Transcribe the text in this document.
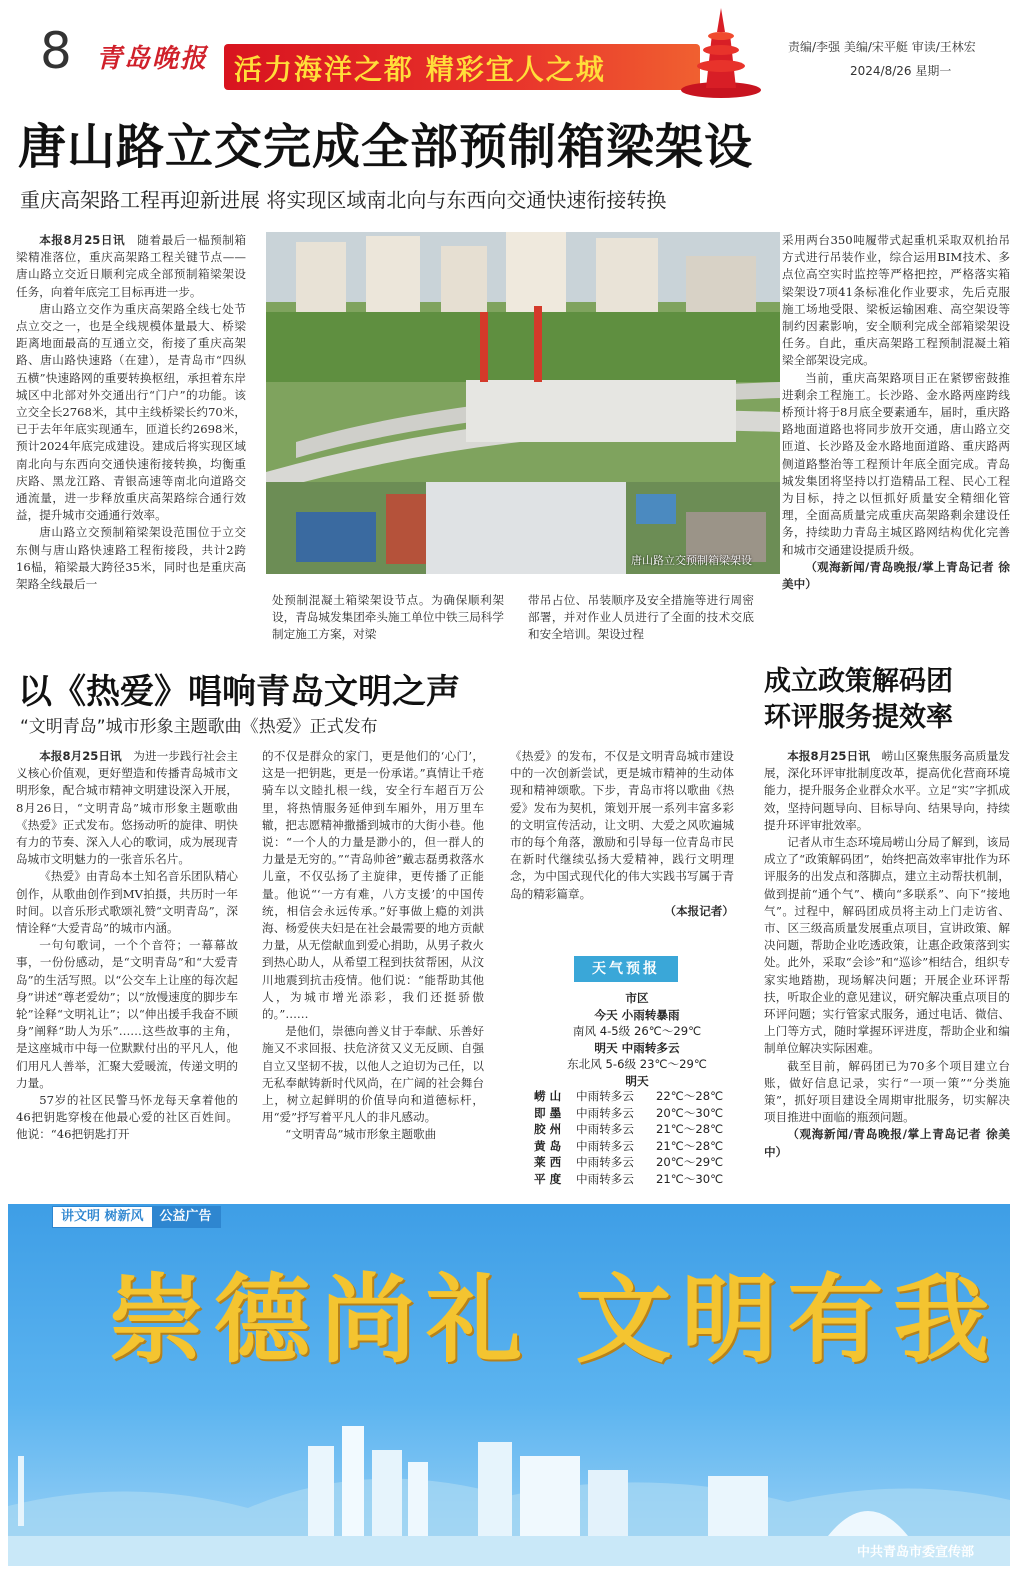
8 青岛晚报 活力海洋之都 精彩宜人之城
责编/李强 美编/宋平艇 审读/王林宏
2024/8/26 星期一
唐山路立交完成全部预制箱梁架设
重庆高架路工程再迎新进展 将实现区域南北向与东西向交通快速衔接转换

本报8月25日讯　 随着最后一榀预制箱梁精准落位，重庆高架路工程关键节点——唐山路立交近日顺利完成全部预制箱梁架设任务，向着年底完工目标再进一步。

唐山路立交作为重庆高架路全线七处节点立交之一，也是全线规模体量最大、桥梁距离地面最高的互通立交，衔接了重庆高架路、唐山路快速路（在建），是青岛市“四纵五横”快速路网的重要转换枢纽，承担着东岸城区中北部对外交通出行“门户”的功能。该立交全长2768米，其中主线桥梁长约70米，已于去年年底实现通车，匝道长约2698米，预计2024年底完成建设。建成后将实现区域南北向与东西向交通快速衔接转换，均衡重庆路、黑龙江路、青银高速等南北向道路交通流量，进一步释放重庆高架路综合通行效益，提升城市交通通行效率。

唐山路立交预制箱梁架设范围位于立交东侧与唐山路快速路工程衔接段，共计2跨16榀，箱梁最大跨径35米，同时也是重庆高架路全线最后一

唐山路立交预制箱梁架设

处预制混凝土箱梁架设节点。为确保顺利架设，青岛城发集团牵头施工单位中铁三局科学制定施工方案，对梁

带吊占位、吊装顺序及安全措施等进行周密部署，并对作业人员进行了全面的技术交底和安全培训。架设过程

采用两台350吨履带式起重机采取双机抬吊方式进行吊装作业，综合运用BIM技术、多点位高空实时监控等严格把控，严格落实箱梁架设7项41条标准化作业要求，先后克服施工场地受限、梁板运输困难、高空架设等制约因素影响，安全顺利完成全部箱梁架设任务。自此，重庆高架路工程预制混凝土箱梁全部架设完成。

当前，重庆高架路项目正在紧锣密鼓推进剩余工程施工。长沙路、金水路两座跨线桥预计将于8月底全要素通车，届时，重庆路路地面道路也将同步放开交通，唐山路立交匝道、长沙路及金水路地面道路、重庆路两侧道路整治等工程预计年底全面完成。青岛城发集团将坚持以打造精品工程、民心工程为目标，持之以恒抓好质量安全精细化管理，全面高质量完成重庆高架路剩余建设任务，持续助力青岛主城区路网结构优化完善和城市交通建设提质升级。

（观海新闻/青岛晚报/掌上青岛记者 徐美中）

以《热爱》唱响青岛文明之声
“文明青岛”城市形象主题歌曲《热爱》正式发布

本报8月25日讯　 为进一步践行社会主义核心价值观，更好塑造和传播青岛城市文明形象，配合城市精神文明建设深入开展，8月26日，“文明青岛”城市形象主题歌曲《热爱》正式发布。悠扬动听的旋律、明快有力的节奏、深入人心的歌词，成为展现青岛城市文明魅力的一张音乐名片。

《热爱》由青岛本土知名音乐团队精心创作，从歌曲创作到MV拍摄，共历时一年时间。以音乐形式歌颂礼赞“文明青岛”，深情诠释“大爱青岛”的城市内涵。

一句句歌词，一个个音符；一幕幕故事，一份份感动，是“文明青岛”和“大爱青岛”的生活写照。以“公交车上让座的每次起身”讲述“尊老爱幼”；以“放慢速度的脚步车轮”诠释“文明礼让”；以“伸出援手我奋不顾身”阐释“助人为乐”……这些故事的主角，是这座城市中每一位默默付出的平凡人，他们用凡人善举，汇聚大爱暖流，传递文明的力量。

57岁的社区民警马怀龙每天拿着他的46把钥匙穿梭在他最心爱的社区百姓间。他说：“46把钥匙打开

的不仅是群众的家门，更是他们的‘心门’，这是一把钥匙，更是一份承诺。”真情让千疮骑车以文睦扎根一线，安全行车超百万公里，将热情服务延伸到车厢外，用万里车辙，把志愿精神撒播到城市的大街小巷。他说：“一个人的力量是渺小的，但一群人的力量是无穷的。”“青岛帅爸”戴志磊勇救落水儿童，不仅弘扬了主旋律，更传播了正能量。他说“‘一方有难，八方支援’的中国传统，相信会永远传承。”好事做上瘾的刘洪海、杨爱侠夫妇是在社会最需要的地方贡献力量，从无偿献血到爱心捐助，从男子救火到热心助人，从希望工程到扶贫帮困，从汶川地震到抗击疫情。他们说：“能帮助其他人，为城市增光添彩，我们还挺骄傲的。”……

是他们，崇德向善义甘于奉献、乐善好施又不求回报、扶危济贫又义无反顾、自强自立又坚韧不拔，以他人之迫切为己任，以无私奉献铸新时代风尚，在广阔的社会舞台上，树立起鲜明的价值导向和道德标杆，用“爱”抒写着平凡人的非凡感动。

“文明青岛”城市形象主题歌曲

《热爱》的发布，不仅是文明青岛城市建设中的一次创新尝试，更是城市精神的生动体现和精神颂歌。下步，青岛市将以歌曲《热爱》发布为契机，策划开展一系列丰富多彩的文明宣传活动，让文明、大爱之风吹遍城市的每个角落，激励和引导每一位青岛市民在新时代继续弘扬大爱精神，践行文明理念，为中国式现代化的伟大实践书写属于青岛的精彩篇章。

（本报记者）

天气预报
市区
今天 小雨转暴雨
南风 4-5级 26℃～29℃
明天 中雨转多云
东北风 5-6级 23℃～29℃
明天
崂山 中雨转多云	22℃～28℃
即墨 中雨转多云	20℃～30℃
胶州 中雨转多云	21℃～28℃
黄岛 中雨转多云	21℃～28℃
莱西 中雨转多云	20℃～29℃
平度 中雨转多云	21℃～30℃
成立政策解码团
环评服务提效率

本报8月25日讯　 崂山区聚焦服务高质量发展，深化环评审批制度改革，提高优化营商环境能力，提升服务企业群众水平。立足“实”字抓成效，坚持问题导向、目标导向、结果导向，持续提升环评审批效率。

记者从市生态环境局崂山分局了解到，该局成立了“政策解码团”，始终把高效率审批作为环评服务的出发点和落脚点，建立主动帮扶机制，做到提前“通个气”、横向“多联系”、向下“接地气”。过程中，解码团成员将主动上门走访省、市、区三级高质量发展重点项目，宣讲政策、解决问题，帮助企业吃透政策，让惠企政策落到实处。此外，采取“会诊”和“巡诊”相结合，组织专家实地踏勘，现场解决问题；开展企业环评帮扶，听取企业的意见建议，研究解决重点项目的环评问题；实行管家式服务，通过电话、微信、上门等方式，随时掌握环评进度，帮助企业和编制单位解决实际困难。

截至目前，解码团已为70多个项目建立台账，做好信息记录，实行“一项一策”“分类施策”，抓好项目建设全周期审批服务，切实解决项目推进中面临的瓶颈问题。

（观海新闻/青岛晚报/掌上青岛记者 徐美中）

讲文明 树新风	公益广告
崇德尚礼 文明有我
中共青岛市委宣传部
